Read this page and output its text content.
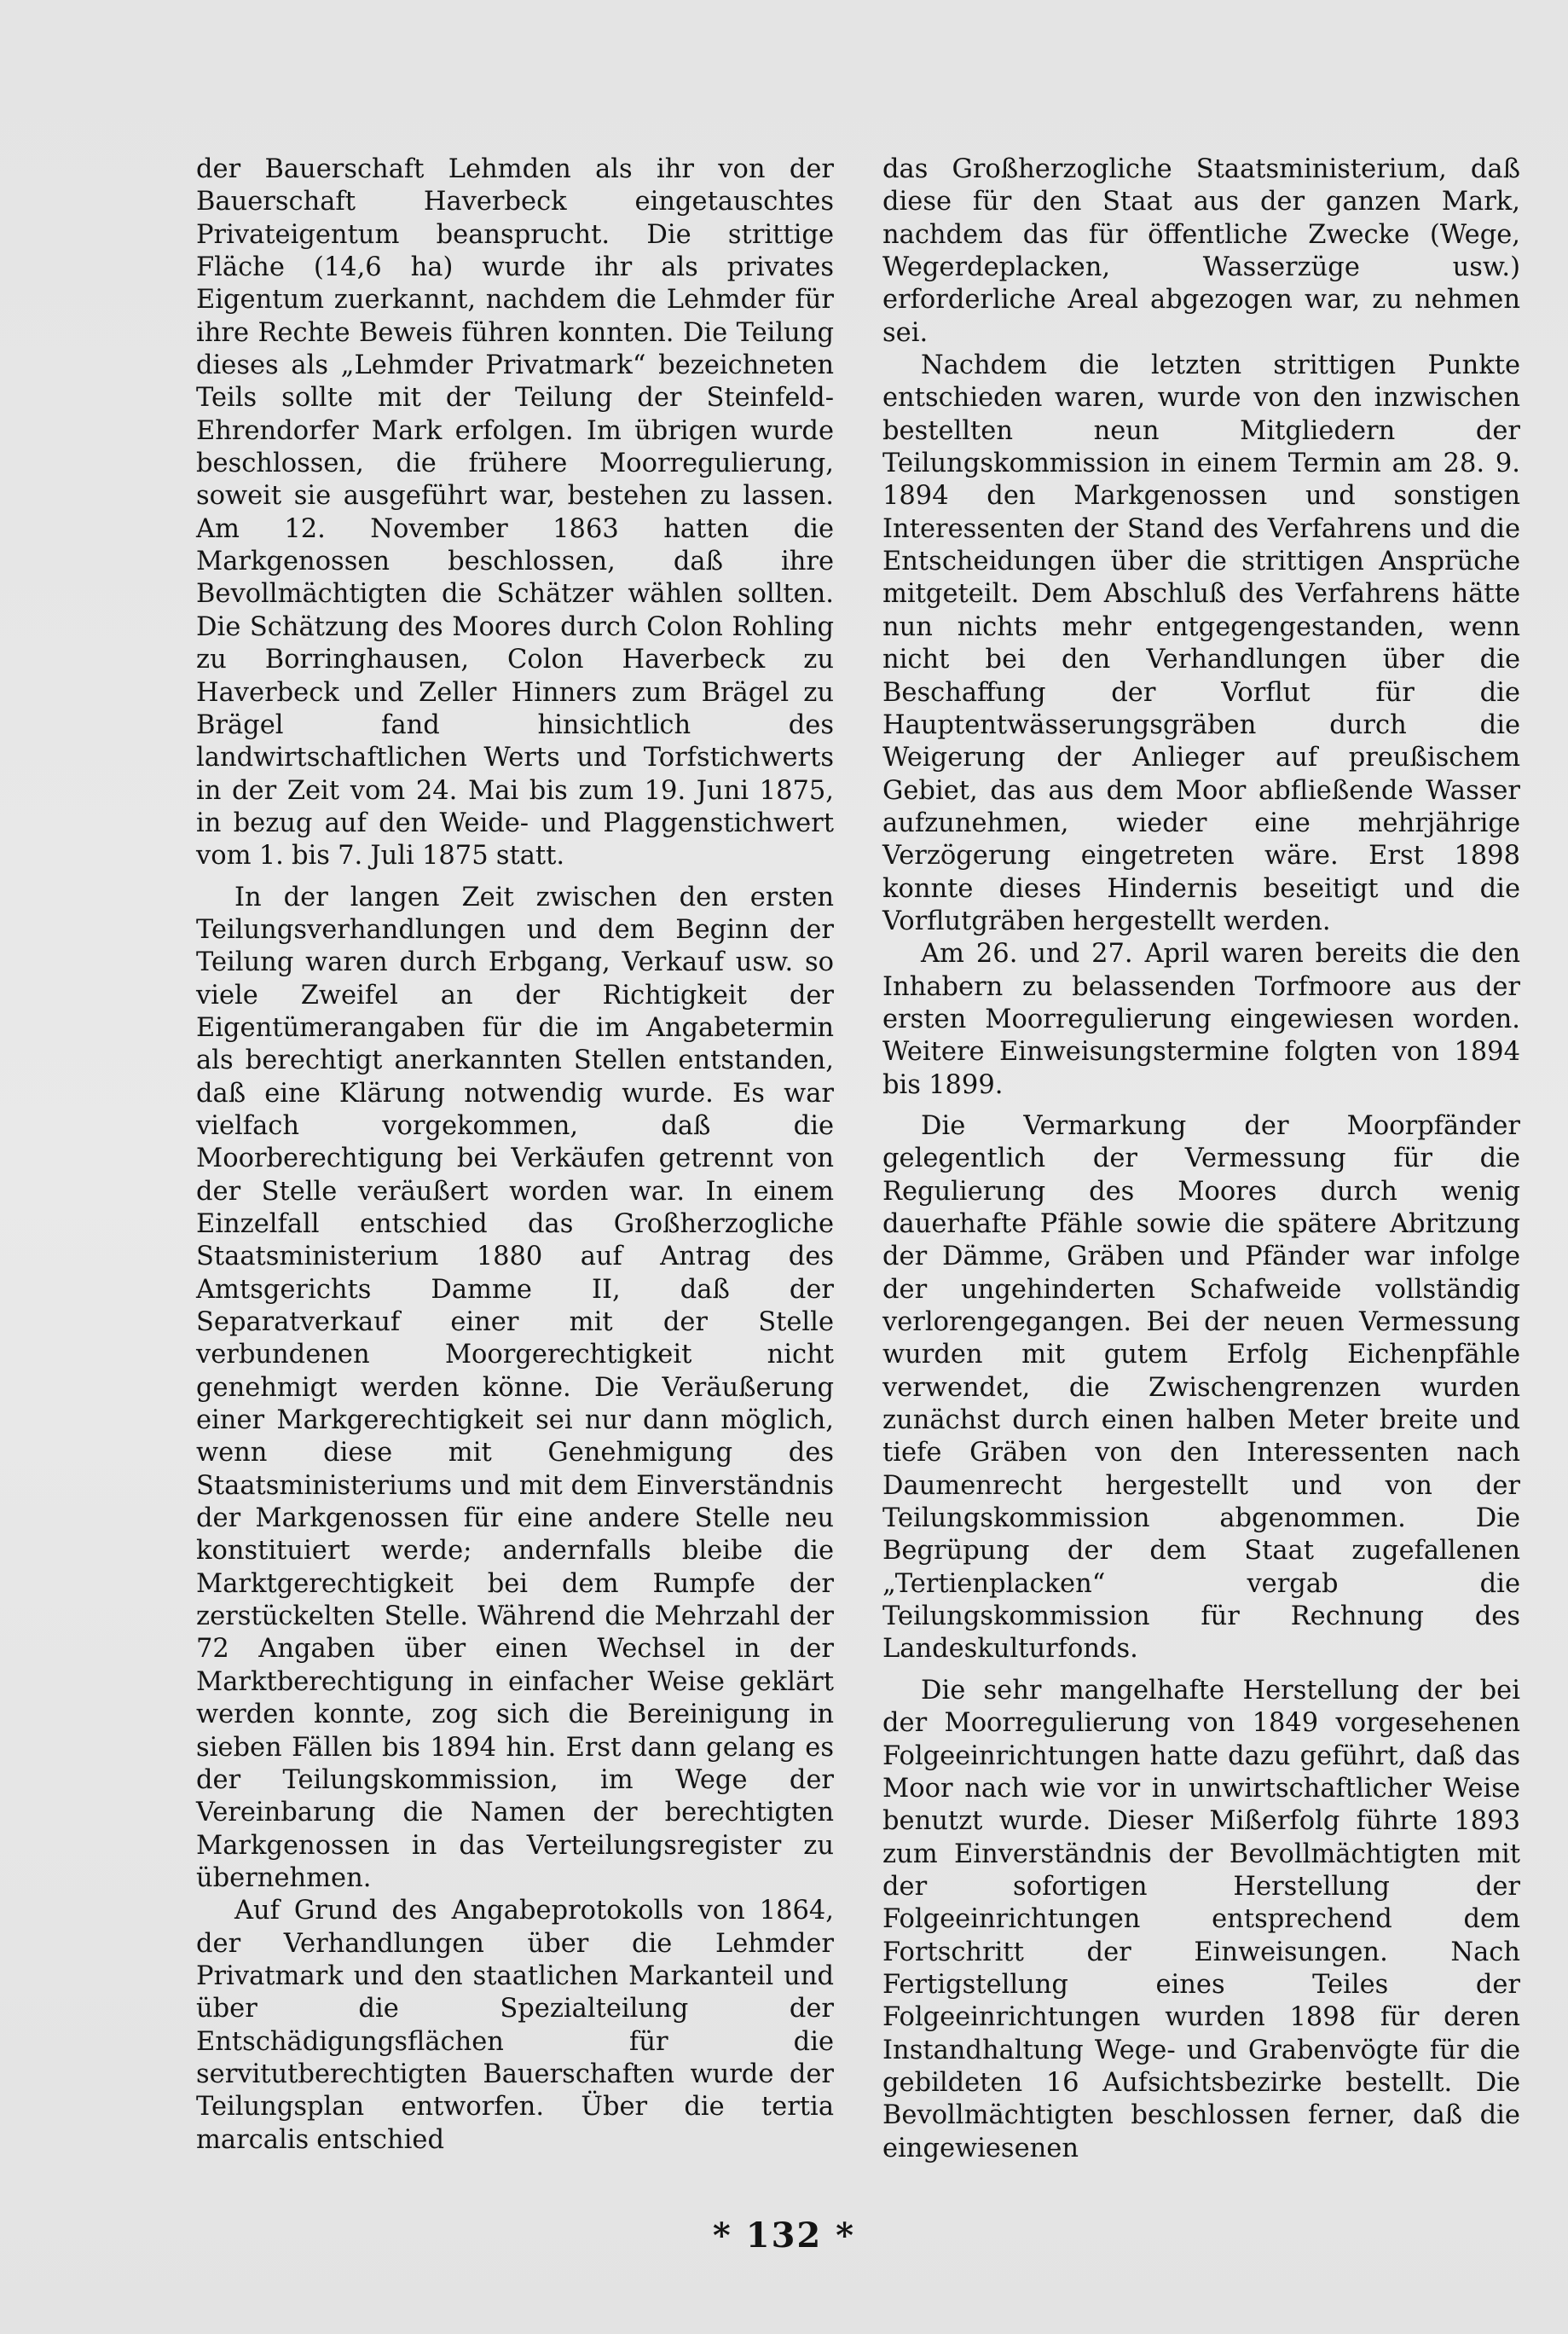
der Bauerschaft Lehmden als ihr von der Bauerschaft Haverbeck eingetauschtes Privateigentum beansprucht. Die strittige Fläche (14,6 ha) wurde ihr als privates Eigentum zuerkannt, nachdem die Lehmder für ihre Rechte Beweis führen konnten. Die Teilung dieses als „Lehmder Privatmark“ bezeichneten Teils sollte mit der Teilung der Steinfeld-Ehrendorfer Mark erfolgen. Im übrigen wurde beschlossen, die frühere Moorregulierung, soweit sie ausgeführt war, bestehen zu lassen. Am 12. November 1863 hatten die Markgenossen beschlossen, daß ihre Bevollmächtigten die Schätzer wählen sollten. Die Schätzung des Moores durch Colon Rohling zu Borringhausen, Colon Haverbeck zu Haverbeck und Zeller Hinners zum Brägel zu Brägel fand hinsichtlich des landwirtschaftlichen Werts und Torfstichwerts in der Zeit vom 24. Mai bis zum 19. Juni 1875, in bezug auf den Weide- und Plaggenstichwert vom 1. bis 7. Juli 1875 statt.

In der langen Zeit zwischen den ersten Teilungsverhandlungen und dem Beginn der Teilung waren durch Erbgang, Verkauf usw. so viele Zweifel an der Richtigkeit der Eigentümerangaben für die im Angabetermin als berechtigt anerkannten Stellen entstanden, daß eine Klärung notwendig wurde. Es war vielfach vorgekommen, daß die Moorberechtigung bei Verkäufen getrennt von der Stelle veräußert worden war. In einem Einzelfall entschied das Großherzogliche Staatsministerium 1880 auf Antrag des Amtsgerichts Damme II, daß der Separatverkauf einer mit der Stelle verbundenen Moorgerechtigkeit nicht genehmigt werden könne. Die Veräußerung einer Markgerechtigkeit sei nur dann möglich, wenn diese mit Genehmigung des Staatsministeriums und mit dem Einverständnis der Markgenossen für eine andere Stelle neu konstituiert werde; andernfalls bleibe die Marktgerechtigkeit bei dem Rumpfe der zerstückelten Stelle. Während die Mehrzahl der 72 Angaben über einen Wechsel in der Marktberechtigung in einfacher Weise geklärt werden konnte, zog sich die Bereinigung in sieben Fällen bis 1894 hin. Erst dann gelang es der Teilungskommission, im Wege der Vereinbarung die Namen der berechtigten Markgenossen in das Verteilungsregister zu übernehmen.

Auf Grund des Angabeprotokolls von 1864, der Verhandlungen über die Lehmder Privatmark und den staatlichen Markanteil und über die Spezialteilung der Entschädigungsflächen für die servitutberechtigten Bauerschaften wurde der Teilungsplan entworfen. Über die tertia marcalis entschied

das Großherzogliche Staatsministerium, daß diese für den Staat aus der ganzen Mark, nachdem das für öffentliche Zwecke (Wege, Wegerdeplacken, Wasserzüge usw.) erforderliche Areal abgezogen war, zu nehmen sei.

Nachdem die letzten strittigen Punkte entschieden waren, wurde von den inzwischen bestellten neun Mitgliedern der Teilungskommission in einem Termin am 28. 9. 1894 den Markgenossen und sonstigen Interessenten der Stand des Verfahrens und die Entscheidungen über die strittigen Ansprüche mitgeteilt. Dem Abschluß des Verfahrens hätte nun nichts mehr entgegengestanden, wenn nicht bei den Verhandlungen über die Beschaffung der Vorflut für die Hauptentwässerungsgräben durch die Weigerung der Anlieger auf preußischem Gebiet, das aus dem Moor abfließende Wasser aufzunehmen, wieder eine mehrjährige Verzögerung eingetreten wäre. Erst 1898 konnte dieses Hindernis beseitigt und die Vorflutgräben hergestellt werden.

Am 26. und 27. April waren bereits die den Inhabern zu belassenden Torfmoore aus der ersten Moorregulierung eingewiesen worden. Weitere Einweisungstermine folgten von 1894 bis 1899.

Die Vermarkung der Moorpfänder gelegentlich der Vermessung für die Regulierung des Moores durch wenig dauerhafte Pfähle sowie die spätere Abritzung der Dämme, Gräben und Pfänder war infolge der ungehinderten Schafweide vollständig verlorengegangen. Bei der neuen Vermessung wurden mit gutem Erfolg Eichenpfähle verwendet, die Zwischengrenzen wurden zunächst durch einen halben Meter breite und tiefe Gräben von den Interessenten nach Daumenrecht hergestellt und von der Teilungskommission abgenommen. Die Begrüpung der dem Staat zugefallenen „Tertienplacken“ vergab die Teilungskommission für Rechnung des Landeskulturfonds.

Die sehr mangelhafte Herstellung der bei der Moorregulierung von 1849 vorgesehenen Folgeeinrichtungen hatte dazu geführt, daß das Moor nach wie vor in unwirtschaftlicher Weise benutzt wurde. Dieser Mißerfolg führte 1893 zum Einverständnis der Bevollmächtigten mit der sofortigen Herstellung der Folgeeinrichtungen entsprechend dem Fortschritt der Einweisungen. Nach Fertigstellung eines Teiles der Folgeeinrichtungen wurden 1898 für deren Instandhaltung Wege- und Grabenvögte für die gebildeten 16 Aufsichtsbezirke bestellt. Die Bevollmächtigten beschlossen ferner, daß die eingewiesenen

* 132 *
